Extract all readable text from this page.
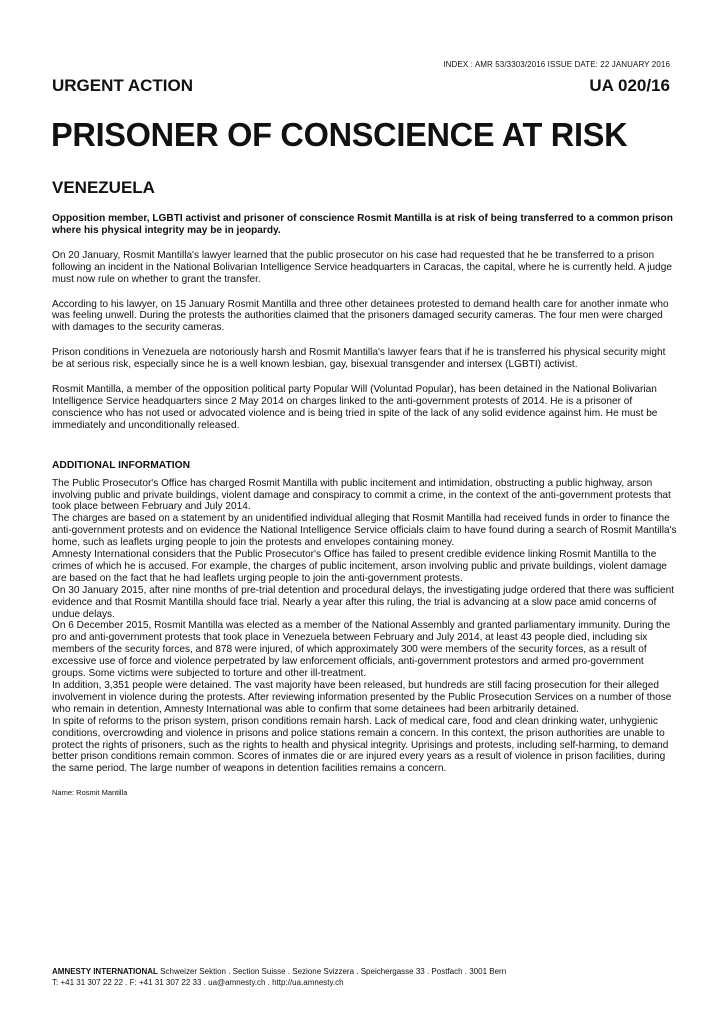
INDEX : AMR 53/3303/2016 ISSUE DATE: 22 JANUARY 2016
URGENT ACTION	UA 020/16
PRISONER OF CONSCIENCE AT RISK
VENEZUELA

Opposition member, LGBTI activist and prisoner of conscience Rosmit Mantilla is at risk of being transferred to a common prison where his physical integrity may be in jeopardy.

On 20 January, Rosmit Mantilla's lawyer learned that the public prosecutor on his case had requested that he be transferred to a prison following an incident in the National Bolivarian Intelligence Service headquarters in Caracas, the capital, where he is currently held. A judge must now rule on whether to grant the transfer.

According to his lawyer, on 15 January Rosmit Mantilla and three other detainees protested to demand health care for another inmate who was feeling unwell. During the protests the authorities claimed that the prisoners damaged security cameras. The four men were charged with damages to the security cameras.

Prison conditions in Venezuela are notoriously harsh and Rosmit Mantilla's lawyer fears that if he is transferred his physical security might be at serious risk, especially since he is a well known lesbian, gay, bisexual transgender and intersex (LGBTI) activist.

Rosmit Mantilla, a member of the opposition political party Popular Will (Voluntad Popular), has been detained in the National Bolivarian Intelligence Service headquarters since 2 May 2014 on charges linked to the anti-government protests of 2014. He is a prisoner of conscience who has not used or advocated violence and is being tried in spite of the lack of any solid evidence against him. He must be immediately and unconditionally released.

ADDITIONAL INFORMATION

The Public Prosecutor's Office has charged Rosmit Mantilla with public incitement and intimidation, obstructing a public highway, arson involving public and private buildings, violent damage and conspiracy to commit a crime, in the context of the anti-government protests that took place between February and July 2014.

The charges are based on a statement by an unidentified individual alleging that Rosmit Mantilla had received funds in order to finance the anti-government protests and on evidence the National Intelligence Service officials claim to have found during a search of Rosmit Mantilla's home, such as leaflets urging people to join the protests and envelopes containing money.

Amnesty International considers that the Public Prosecutor's Office has failed to present credible evidence linking Rosmit Mantilla to the crimes of which he is accused. For example, the charges of public incitement, arson involving public and private buildings, violent damage are based on the fact that he had leaflets urging people to join the anti-government protests.

On 30 January 2015, after nine months of pre-trial detention and procedural delays, the investigating judge ordered that there was sufficient evidence and that Rosmit Mantilla should face trial. Nearly a year after this ruling, the trial is advancing at a slow pace amid concerns of undue delays.

On 6 December 2015, Rosmit Mantilla was elected as a member of the National Assembly and granted parliamentary immunity. During the pro and anti-government protests that took place in Venezuela between February and July 2014, at least 43 people died, including six members of the security forces, and 878 were injured, of which approximately 300 were members of the security forces, as a result of excessive use of force and violence perpetrated by law enforcement officials, anti-government protestors and armed pro-government groups. Some victims were subjected to torture and other ill-treatment.

In addition, 3,351 people were detained. The vast majority have been released, but hundreds are still facing prosecution for their alleged involvement in violence during the protests. After reviewing information presented by the Public Prosecution Services on a number of those who remain in detention, Amnesty International was able to confirm that some detainees had been arbitrarily detained.

In spite of reforms to the prison system, prison conditions remain harsh. Lack of medical care, food and clean drinking water, unhygienic conditions, overcrowding and violence in prisons and police stations remain a concern. In this context, the prison authorities are unable to protect the rights of prisoners, such as the rights to health and physical integrity. Uprisings and protests, including self-harming, to demand better prison conditions remain common. Scores of inmates die or are injured every years as a result of violence in prison facilities, during the same period. The large number of weapons in detention facilities remains a concern.

Name: Rosmit Mantilla
AMNESTY INTERNATIONAL Schweizer Sektion . Section Suisse . Sezione Svizzera . Speichergasse 33 . Postfach . 3001 Bern
T: +41 31 307 22 22 . F: +41 31 307 22 33 . ua@amnesty.ch . http://ua.amnesty.ch
